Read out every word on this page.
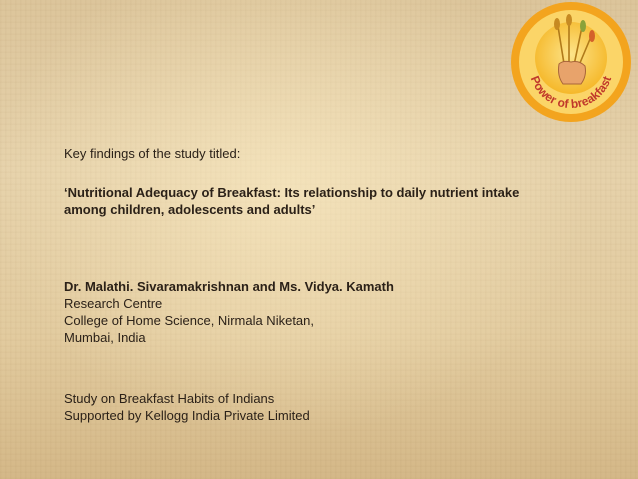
Power of breakfast
Key findings of the study titled:
‘Nutritional Adequacy of Breakfast: Its relationship to daily nutrient intake
among children, adolescents and adults’
Dr. Malathi. Sivaramakrishnan and Ms. Vidya. Kamath
Research Centre
College of Home Science, Nirmala Niketan,
Mumbai, India
Study on Breakfast Habits of Indians
Supported by Kellogg India Private Limited
